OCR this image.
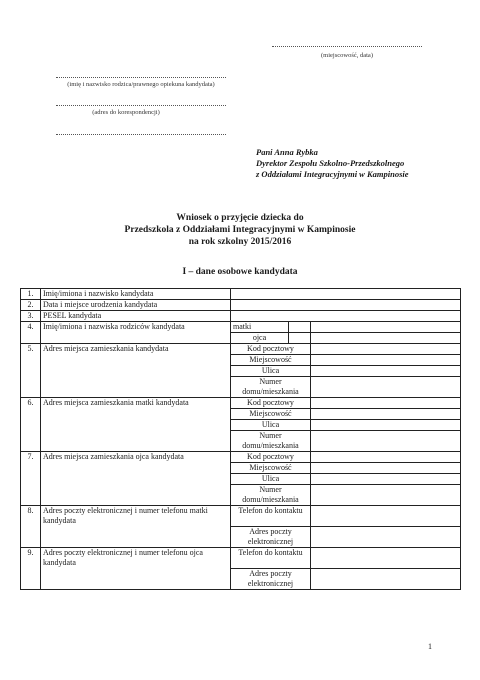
(miejscowość, data)
(imię i nazwisko rodzica/prawnego opiekuna kandydata)
(adres do korespondencji)
Pani Anna Rybka
Dyrektor Zespołu Szkolno-Przedszkolnego
z Oddziałami Integracyjnymi w Kampinosie
Wniosek o przyjęcie dziecka do
Przedszkola z Oddziałami Integracyjnymi w Kampinosie
na rok szkolny 2015/2016
I – dane osobowe kandydata
1.	Imię/imiona i nazwisko kandydata			
2.	Data i miejsce urodzenia kandydata			
3.	PESEL kandydata			
4.	Imię/imiona i nazwiska rodziców kandydata	matki		
		ojca		
5.	Adres miejsca zamieszkania kandydata	Kod pocztowy		
		Miejscowość		
		Ulica		
		Numer domu/mieszkania		
6.	Adres miejsca zamieszkania matki kandydata	Kod pocztowy		
		Miejscowość		
		Ulica		
		Numer domu/mieszkania		
7.	Adres miejsca zamieszkania ojca kandydata	Kod pocztowy		
		Miejscowość		
		Ulica		
		Numer domu/mieszkania		
8.	Adres poczty elektronicznej i numer telefonu matki kandydata	Telefon do kontaktu		
		Adres poczty elektronicznej		
9.	Adres poczty elektronicznej i numer telefonu ojca kandydata	Telefon do kontaktu		
		Adres poczty elektronicznej		
1
